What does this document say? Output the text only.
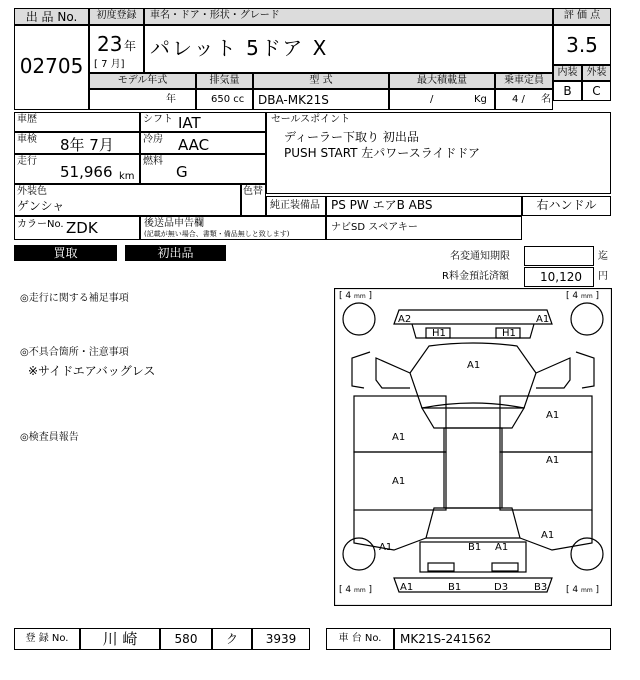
出 品 No.
02705
初度登録
23 年
[ 7 月]
車名・ドア・形状・グレード
パレット 5ドア X
評 価 点
3.5
内装 外装
B	C
モデル年式	排気量	型 式	最大積載量	乗車定員
年	650 cc DBA-MK21S	/	Kg	4 / 名
車歴
車検 8年 7月
走行
51,966 km
シフト IAT
冷房 AAC
燃料
G
セールスポイント
ディーラー下取り 初出品
PUSH START 左パワースライドドア
外装色
ゲンシャ
色替
純正装備品 PS PW エアB ABS	右ハンドル
カラーNo. ZDK	後送品申告欄
(記載が無い場合、書類・備品無しと致します)
ナビSD スペアキー
買取	初出品	名変通知期限	迄
R料金預託済額	10,120 円
◎走行に関する補足事項
◎不具合箇所・注意事項
※サイドエアバッグレス
◎検査員報告
[ 4 mm ]	[ 4 mm ]
[ 4 mm ]	[ 4 mm ]
A2	A1
H1	H1
A1
A1
A1
A1
A1
A1
B1 A1
A1
A1	B1	D3	B3
登 録 No.	川 崎	580	ク	3939	車 台 No.	MK21S-241562
